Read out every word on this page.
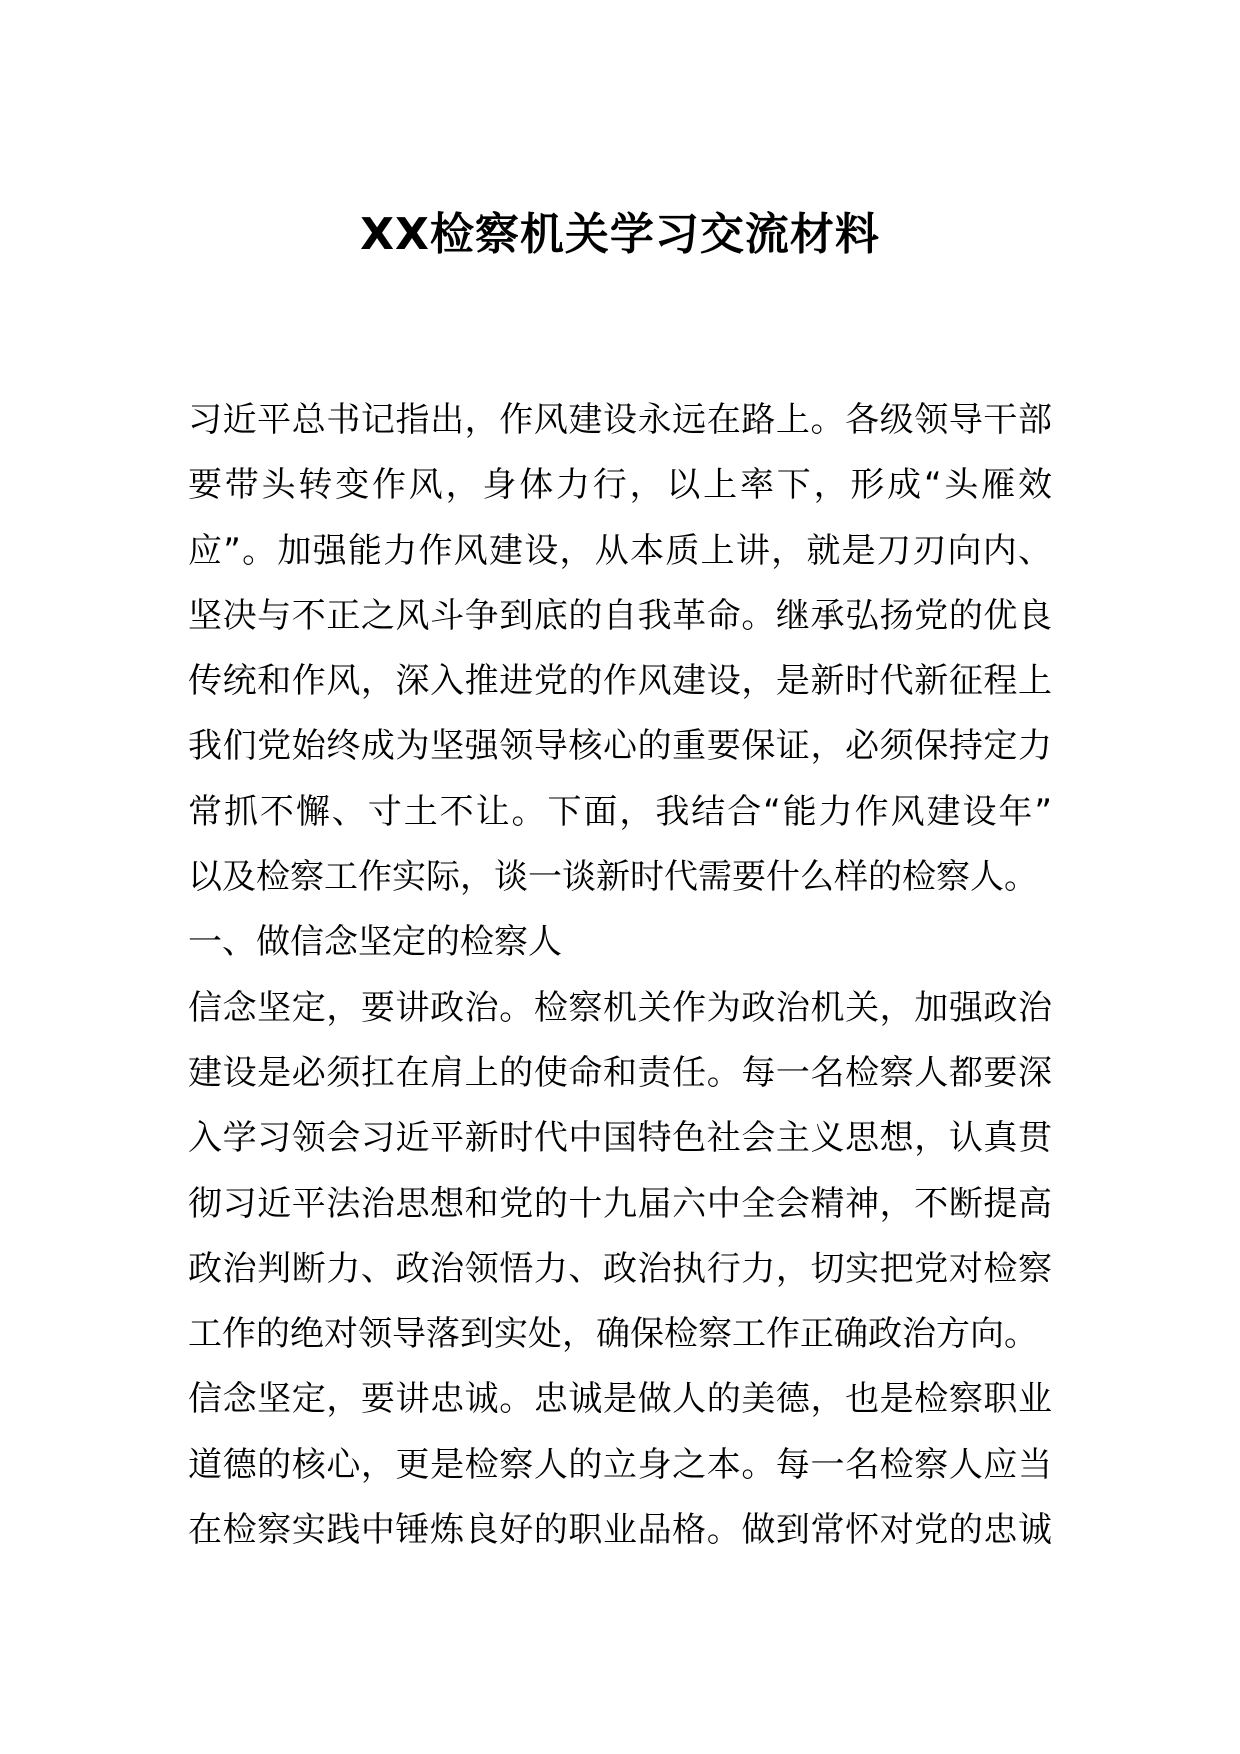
XX检察机关学习交流材料
习近平总书记指出，作风建设永远在路上。各级领导干部
要带头转变作风，身体力行，以上率下，形成“头雁效
应”。加强能力作风建设，从本质上讲，就是刀刃向内、
坚决与不正之风斗争到底的自我革命。继承弘扬党的优良
传统和作风，深入推进党的作风建设，是新时代新征程上
我们党始终成为坚强领导核心的重要保证，必须保持定力
常抓不懈、寸土不让。下面，我结合“能力作风建设年”
以及检察工作实际，谈一谈新时代需要什么样的检察人。
一、做信念坚定的检察人
信念坚定，要讲政治。检察机关作为政治机关，加强政治
建设是必须扛在肩上的使命和责任。每一名检察人都要深
入学习领会习近平新时代中国特色社会主义思想，认真贯
彻习近平法治思想和党的十九届六中全会精神，不断提高
政治判断力、政治领悟力、政治执行力，切实把党对检察
工作的绝对领导落到实处，确保检察工作正确政治方向。
信念坚定，要讲忠诚。忠诚是做人的美德，也是检察职业
道德的核心，更是检察人的立身之本。每一名检察人应当
在检察实践中锤炼良好的职业品格。做到常怀对党的忠诚
